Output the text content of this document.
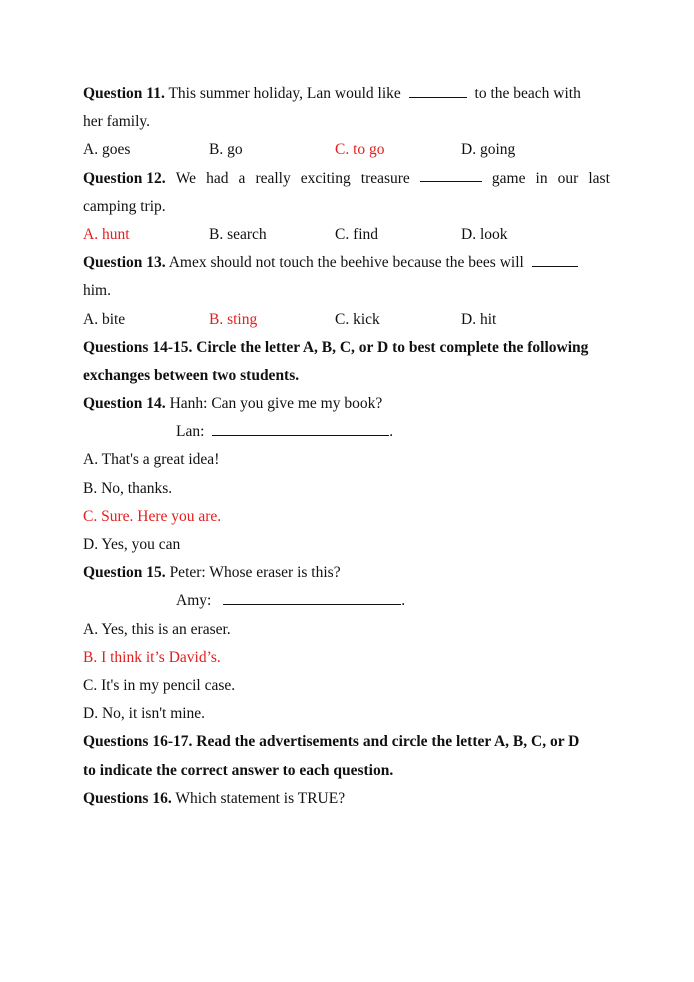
Question 11. This summer holiday, Lan would like	to the beach with
her family.
A. goes	B. go	C. to go	D. going
Question 12. We had a really exciting treasure	game in our last
camping trip.
A. hunt	B. search	C. find	D. look
Question 13. Amex should not touch the beehive because the bees will
him.
A. bite	B. sting	C. kick	D. hit
Questions 14-15. Circle the letter A, B, C, or D to best complete the following
exchanges between two students.
Question 14. Hanh: Can you give me my book?
Lan:	.
A. That's a great idea!
B. No, thanks.
C. Sure. Here you are.
D. Yes, you can
Question 15. Peter: Whose eraser is this?
Amy:	.
A. Yes, this is an eraser.
B. I think it’s David’s.
C. It's in my pencil case.
D. No, it isn't mine.
Questions 16-17. Read the advertisements and circle the letter A, B, C, or D
to indicate the correct answer to each question.
Questions 16. Which statement is TRUE?
